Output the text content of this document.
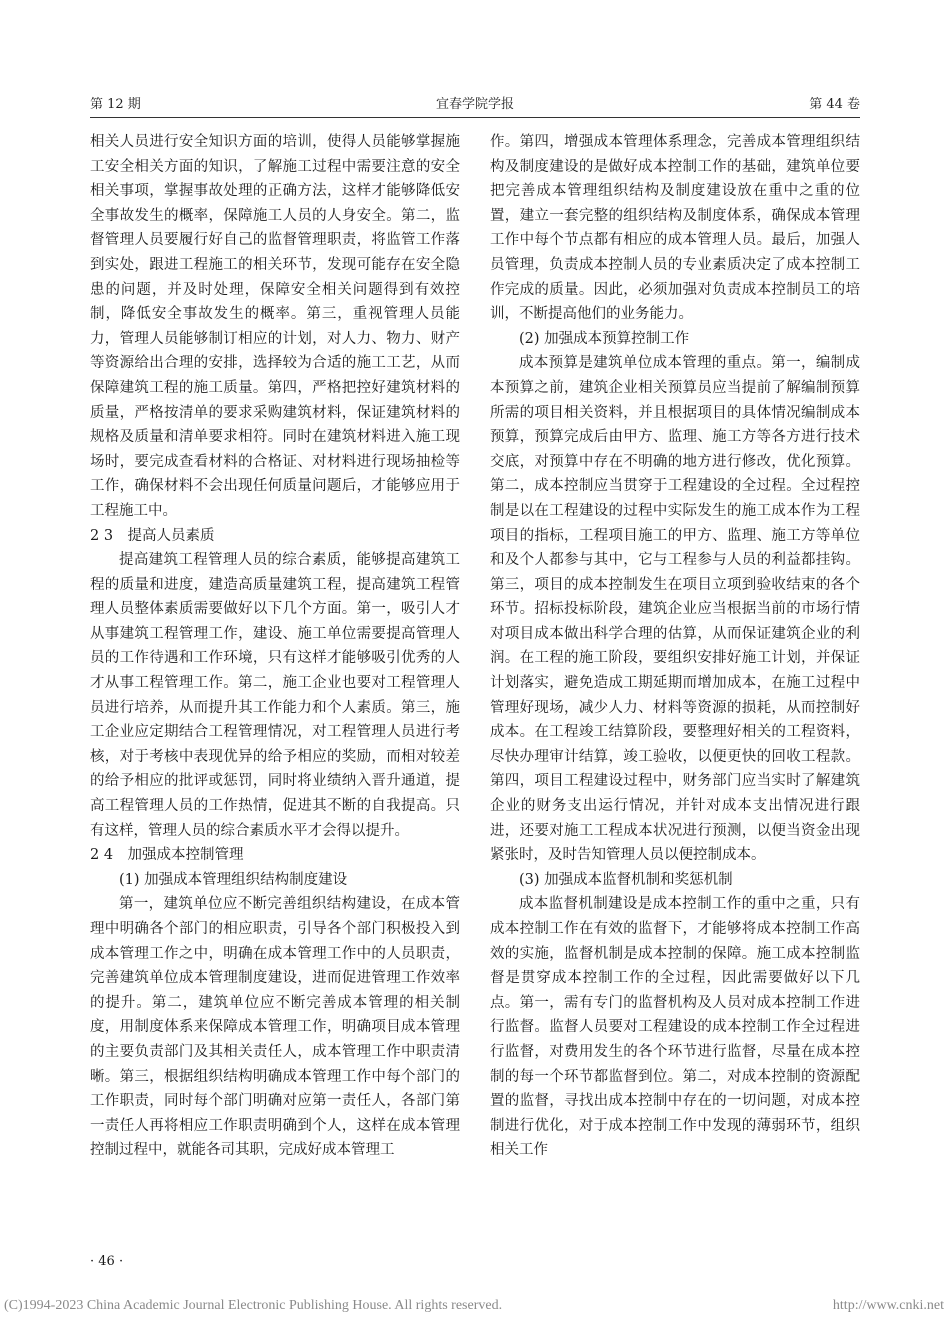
第 12 期	宜春学院学报	第 44 卷

相关人员进行安全知识方面的培训，使得人员能够掌握施工安全相关方面的知识，了解施工过程中需要注意的安全相关事项，掌握事故处理的正确方法，这样才能够降低安全事故发生的概率，保障施工人员的人身安全。第二，监督管理人员要履行好自己的监督管理职责，将监管工作落到实处，跟进工程施工的相关环节，发现可能存在安全隐患的问题，并及时处理，保障安全相关问题得到有效控制，降低安全事故发生的概率。第三，重视管理人员能力，管理人员能够制订相应的计划，对人力、物力、财产等资源给出合理的安排，选择较为合适的施工工艺，从而保障建筑工程的施工质量。第四，严格把控好建筑材料的质量，严格按清单的要求采购建筑材料，保证建筑材料的规格及质量和清单要求相符。同时在建筑材料进入施工现场时，要完成查看材料的合格证、对材料进行现场抽检等工作，确保材料不会出现任何质量问题后，才能够应用于工程施工中。

2 3　提高人员素质

提高建筑工程管理人员的综合素质，能够提高建筑工程的质量和进度，建造高质量建筑工程，提高建筑工程管理人员整体素质需要做好以下几个方面。第一，吸引人才从事建筑工程管理工作，建设、施工单位需要提高管理人员的工作待遇和工作环境，只有这样才能够吸引优秀的人才从事工程管理工作。第二，施工企业也要对工程管理人员进行培养，从而提升其工作能力和个人素质。第三，施工企业应定期结合工程管理情况，对工程管理人员进行考核，对于考核中表现优异的给予相应的奖励，而相对较差的给予相应的批评或惩罚，同时将业绩纳入晋升通道，提高工程管理人员的工作热情，促进其不断的自我提高。只有这样，管理人员的综合素质水平才会得以提升。

2 4　加强成本控制管理

(1) 加强成本管理组织结构制度建设

第一，建筑单位应不断完善组织结构建设，在成本管理中明确各个部门的相应职责，引导各个部门积极投入到成本管理工作之中，明确在成本管理工作中的人员职责，完善建筑单位成本管理制度建设，进而促进管理工作效率的提升。第二，建筑单位应不断完善成本管理的相关制度，用制度体系来保障成本管理工作，明确项目成本管理的主要负责部门及其相关责任人，成本管理工作中职责清晰。第三，根据组织结构明确成本管理工作中每个部门的工作职责，同时每个部门明确对应第一责任人，各部门第一责任人再将相应工作职责明确到个人，这样在成本管理控制过程中，就能各司其职，完成好成本管理工

作。第四，增强成本管理体系理念，完善成本管理组织结构及制度建设的是做好成本控制工作的基础，建筑单位要把完善成本管理组织结构及制度建设放在重中之重的位置，建立一套完整的组织结构及制度体系，确保成本管理工作中每个节点都有相应的成本管理人员。最后，加强人员管理，负责成本控制人员的专业素质决定了成本控制工作完成的质量。因此，必须加强对负责成本控制员工的培训，不断提高他们的业务能力。

(2) 加强成本预算控制工作

成本预算是建筑单位成本管理的重点。第一，编制成本预算之前，建筑企业相关预算员应当提前了解编制预算所需的项目相关资料，并且根据项目的具体情况编制成本预算，预算完成后由甲方、监理、施工方等各方进行技术交底，对预算中存在不明确的地方进行修改，优化预算。第二，成本控制应当贯穿于工程建设的全过程。全过程控制是以在工程建设的过程中实际发生的施工成本作为工程项目的指标，工程项目施工的甲方、监理、施工方等单位和及个人都参与其中，它与工程参与人员的利益都挂钩。第三，项目的成本控制发生在项目立项到验收结束的各个环节。招标投标阶段，建筑企业应当根据当前的市场行情对项目成本做出科学合理的估算，从而保证建筑企业的利润。在工程的施工阶段，要组织安排好施工计划，并保证计划落实，避免造成工期延期而增加成本，在施工过程中管理好现场，减少人力、材料等资源的损耗，从而控制好成本。在工程竣工结算阶段，要整理好相关的工程资料，尽快办理审计结算，竣工验收，以便更快的回收工程款。第四，项目工程建设过程中，财务部门应当实时了解建筑企业的财务支出运行情况，并针对成本支出情况进行跟进，还要对施工工程成本状况进行预测，以便当资金出现紧张时，及时告知管理人员以便控制成本。

(3) 加强成本监督机制和奖惩机制

成本监督机制建设是成本控制工作的重中之重，只有成本控制工作在有效的监督下，才能够将成本控制工作高效的实施，监督机制是成本控制的保障。施工成本控制监督是贯穿成本控制工作的全过程，因此需要做好以下几点。第一，需有专门的监督机构及人员对成本控制工作进行监督。监督人员要对工程建设的成本控制工作全过程进行监督，对费用发生的各个环节进行监督，尽量在成本控制的每一个环节都监督到位。第二，对成本控制的资源配置的监督，寻找出成本控制中存在的一切问题，对成本控制进行优化，对于成本控制工作中发现的薄弱环节，组织相关工作

· 46 ·
(C)1994-2023 China Academic Journal Electronic Publishing House. All rights reserved.	http://www.cnki.net
